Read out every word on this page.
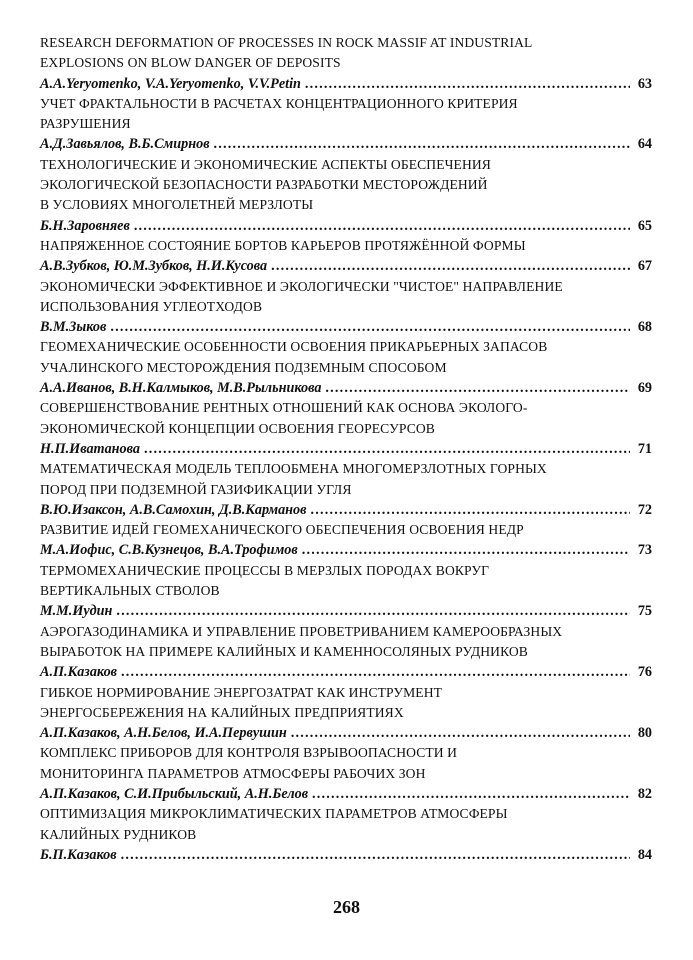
RESEARCH DEFORMATION OF PROCESSES IN ROCK MASSIF AT INDUSTRIAL
EXPLOSIONS ON BLOW DANGER OF DEPOSITS
A.A.Yeryomenko, V.A.Yeryomenko, V.V.Petin .....	63
УЧЕТ ФРАКТАЛЬНОСТИ В РАСЧЕТАХ КОНЦЕНТРАЦИОННОГО КРИТЕРИЯ
РАЗРУШЕНИЯ
А.Д.Завьялов, В.Б.Смирнов .....	64
ТЕХНОЛОГИЧЕСКИЕ И ЭКОНОМИЧЕСКИЕ АСПЕКТЫ ОБЕСПЕЧЕНИЯ
ЭКОЛОГИЧЕСКОЙ БЕЗОПАСНОСТИ РАЗРАБОТКИ МЕСТОРОЖДЕНИЙ
В УСЛОВИЯХ МНОГОЛЕТНЕЙ МЕРЗЛОТЫ
Б.Н.Заровняев .....	65
НАПРЯЖЕННОЕ СОСТОЯНИЕ БОРТОВ КАРЬЕРОВ ПРОТЯЖЁННОЙ ФОРМЫ
А.В.Зубков, Ю.М.Зубков, Н.И.Кусова .....	67
ЭКОНОМИЧЕСКИ ЭФФЕКТИВНОЕ И ЭКОЛОГИЧЕСКИ "ЧИСТОЕ" НАПРАВЛЕНИЕ
ИСПОЛЬЗОВАНИЯ УГЛЕОТХОДОВ
В.М.Зыков .....	68
ГЕОМЕХАНИЧЕСКИЕ ОСОБЕННОСТИ ОСВОЕНИЯ ПРИКАРЬЕРНЫХ ЗАПАСОВ
УЧАЛИНСКОГО МЕСТОРОЖДЕНИЯ ПОДЗЕМНЫМ СПОСОБОМ
А.А.Иванов, В.Н.Калмыков, М.В.Рыльникова .....	69
СОВЕРШЕНСТВОВАНИЕ РЕНТНЫХ ОТНОШЕНИЙ КАК ОСНОВА ЭКОЛОГО-
ЭКОНОМИЧЕСКОЙ КОНЦЕПЦИИ ОСВОЕНИЯ ГЕОРЕСУРСОВ
Н.П.Иватанова .....	71
МАТЕМАТИЧЕСКАЯ МОДЕЛЬ ТЕПЛООБМЕНА МНОГОМЕРЗЛОТНЫХ ГОРНЫХ
ПОРОД ПРИ ПОДЗЕМНОЙ ГАЗИФИКАЦИИ УГЛЯ
В.Ю.Изаксон, А.В.Самохин, Д.В.Карманов .....	72
РАЗВИТИЕ ИДЕЙ ГЕОМЕХАНИЧЕСКОГО ОБЕСПЕЧЕНИЯ ОСВОЕНИЯ НЕДР
М.А.Иофис, С.В.Кузнецов, В.А.Трофимов .....	73
ТЕРМОМЕХАНИЧЕСКИЕ ПРОЦЕССЫ В МЕРЗЛЫХ ПОРОДАХ ВОКРУГ
ВЕРТИКАЛЬНЫХ СТВОЛОВ
М.М.Иудин .....	75
АЭРОГАЗОДИНАМИКА И УПРАВЛЕНИЕ ПРОВЕТРИВАНИЕМ КАМЕРООБРАЗНЫХ
ВЫРАБОТОК НА ПРИМЕРЕ КАЛИЙНЫХ И КАМЕННОСОЛЯНЫХ РУДНИКОВ
А.П.Казаков .....	76
ГИБКОЕ НОРМИРОВАНИЕ ЭНЕРГОЗАТРАТ КАК ИНСТРУМЕНТ
ЭНЕРГОСБЕРЕЖЕНИЯ НА КАЛИЙНЫХ ПРЕДПРИЯТИЯХ
А.П.Казаков, А.Н.Белов, И.А.Первушин .....	80
КОМПЛЕКС ПРИБОРОВ ДЛЯ КОНТРОЛЯ ВЗРЫВООПАСНОСТИ И
МОНИТОРИНГА ПАРАМЕТРОВ АТМОСФЕРЫ РАБОЧИХ ЗОН
А.П.Казаков, С.И.Прибыльский, А.Н.Белов .....	82
ОПТИМИЗАЦИЯ МИКРОКЛИМАТИЧЕСКИХ ПАРАМЕТРОВ АТМОСФЕРЫ
КАЛИЙНЫХ РУДНИКОВ
Б.П.Казаков .....	84
268
